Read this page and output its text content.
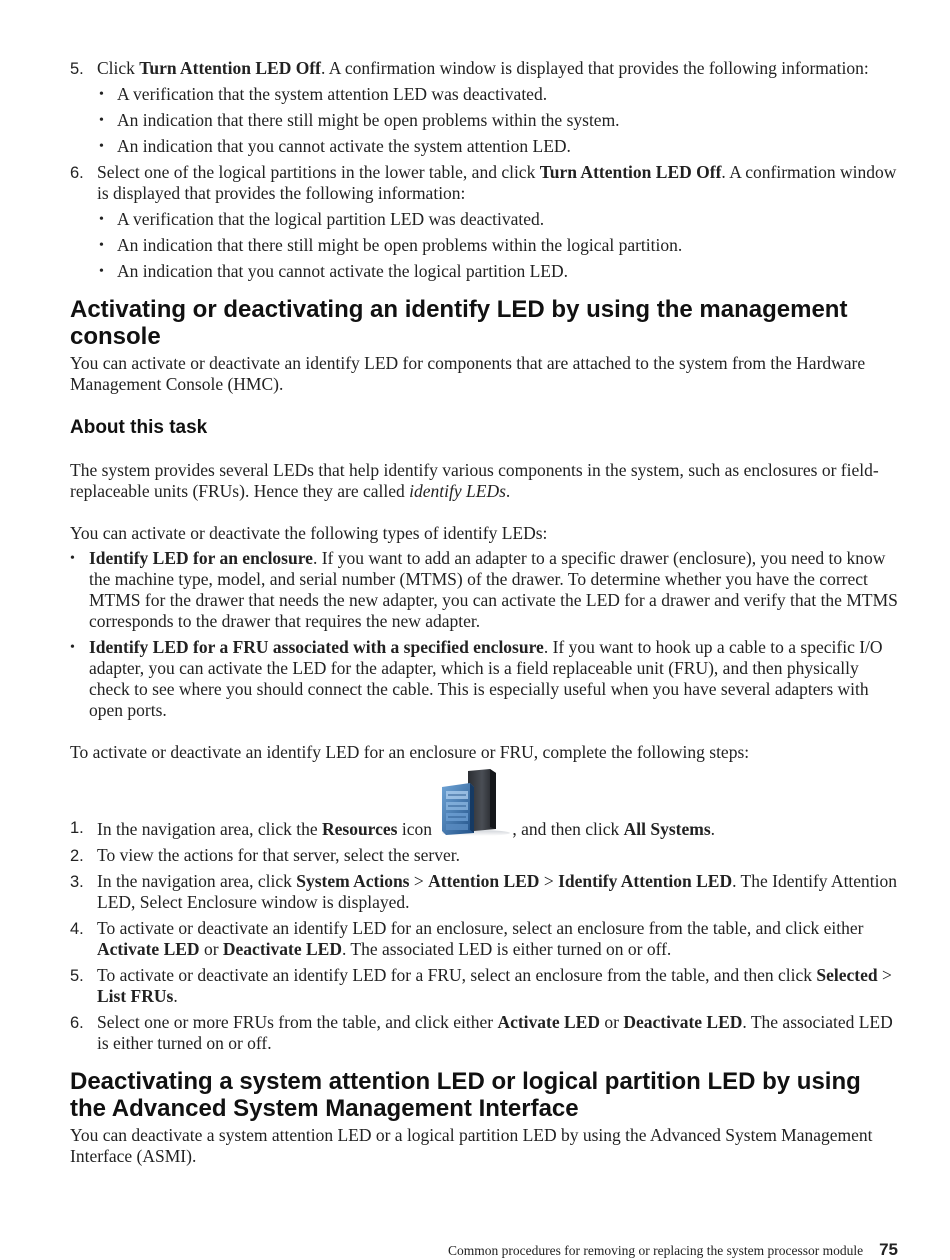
5. Click Turn Attention LED Off. A confirmation window is displayed that provides the following information:
• A verification that the system attention LED was deactivated.
• An indication that there still might be open problems within the system.
• An indication that you cannot activate the system attention LED.
6. Select one of the logical partitions in the lower table, and click Turn Attention LED Off. A confirmation window is displayed that provides the following information:
• A verification that the logical partition LED was deactivated.
• An indication that there still might be open problems within the logical partition.
• An indication that you cannot activate the logical partition LED.
Activating or deactivating an identify LED by using the management console

You can activate or deactivate an identify LED for components that are attached to the system from the Hardware Management Console (HMC).

About this task

The system provides several LEDs that help identify various components in the system, such as enclosures or field-replaceable units (FRUs). Hence they are called identify LEDs.

You can activate or deactivate the following types of identify LEDs:

• Identify LED for an enclosure. If you want to add an adapter to a specific drawer (enclosure), you need to know the machine type, model, and serial number (MTMS) of the drawer. To determine whether you have the correct MTMS for the drawer that needs the new adapter, you can activate the LED for a drawer and verify that the MTMS corresponds to the drawer that requires the new adapter.
• Identify LED for a FRU associated with a specified enclosure. If you want to hook up a cable to a specific I/O adapter, you can activate the LED for the adapter, which is a field replaceable unit (FRU), and then physically check to see where you should connect the cable. This is especially useful when you have several adapters with open ports.

To activate or deactivate an identify LED for an enclosure or FRU, complete the following steps:

1. In the navigation area, click the Resources icon	, and then click All Systems.
2. To view the actions for that server, select the server.
3. In the navigation area, click System Actions > Attention LED > Identify Attention LED. The Identify Attention LED, Select Enclosure window is displayed.
4. To activate or deactivate an identify LED for an enclosure, select an enclosure from the table, and click either Activate LED or Deactivate LED. The associated LED is either turned on or off.
5. To activate or deactivate an identify LED for a FRU, select an enclosure from the table, and then click Selected > List FRUs.
6. Select one or more FRUs from the table, and click either Activate LED or Deactivate LED. The associated LED is either turned on or off.
Deactivating a system attention LED or logical partition LED by using the Advanced System Management Interface

You can deactivate a system attention LED or a logical partition LED by using the Advanced System Management Interface (ASMI).

Common procedures for removing or replacing the system processor module 75
